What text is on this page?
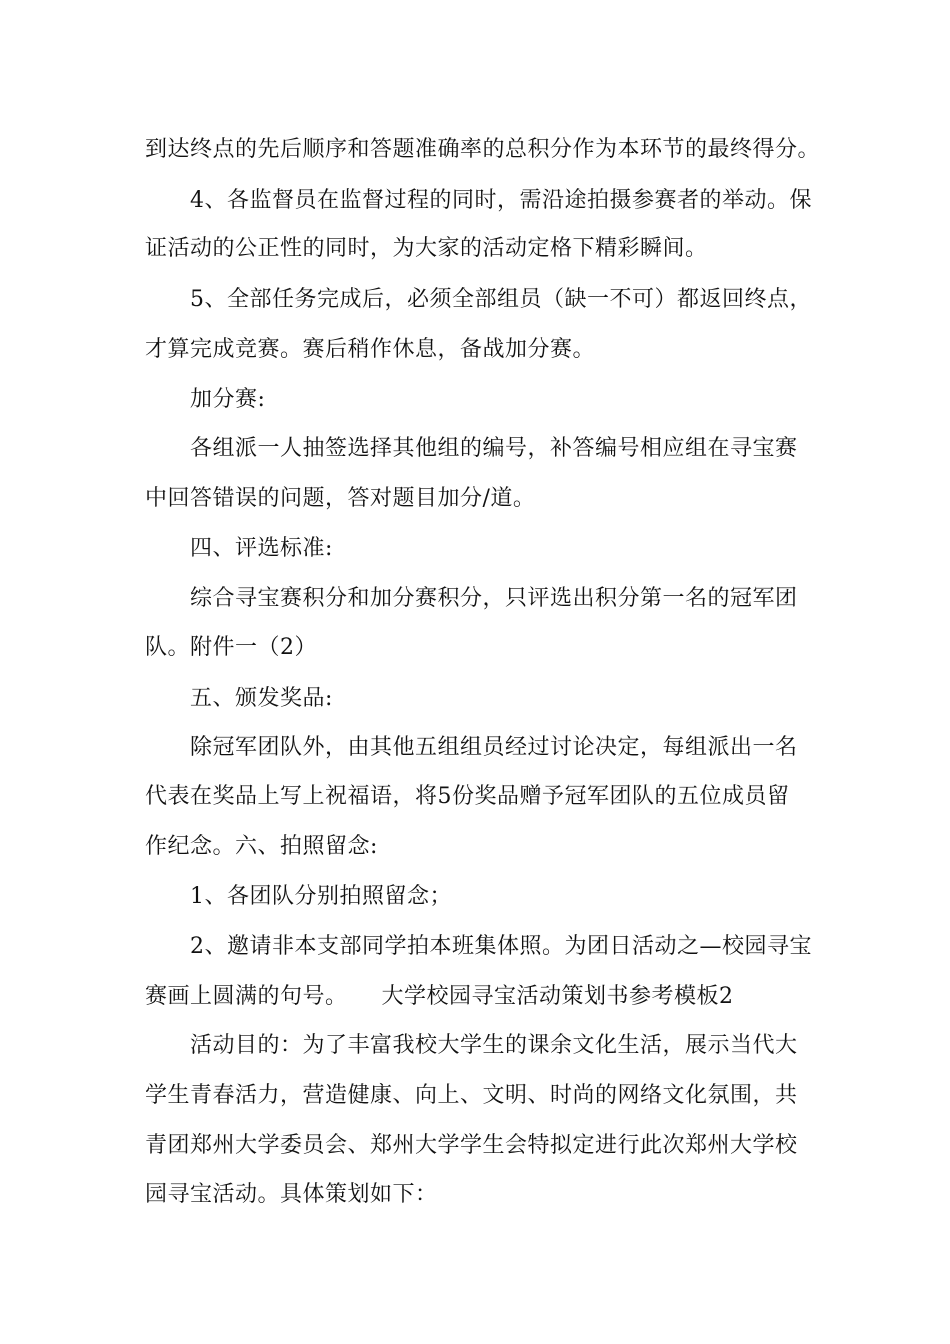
到达终点的先后顺序和答题准确率的总积分作为本环节的最终得分。
4、各监督员在监督过程的同时，需沿途拍摄参赛者的举动。保
证活动的公正性的同时，为大家的活动定格下精彩瞬间。
5、全部任务完成后，必须全部组员（缺一不可）都返回终点，
才算完成竞赛。赛后稍作休息，备战加分赛。
加分赛:
各组派一人抽签选择其他组的编号，补答编号相应组在寻宝赛
中回答错误的问题，答对题目加分/道。
四、评选标准:
综合寻宝赛积分和加分赛积分，只评选出积分第一名的冠军团
队。附件一（2）
五、颁发奖品:
除冠军团队外，由其他五组组员经过讨论决定，每组派出一名
代表在奖品上写上祝福语，将5份奖品赠予冠军团队的五位成员留
作纪念。六、拍照留念:
1、各团队分别拍照留念；
2、邀请非本支部同学拍本班集体照。为团日活动之—校园寻宝
赛画上圆满的句号。　　大学校园寻宝活动策划书参考模板2
活动目的：为了丰富我校大学生的课余文化生活，展示当代大
学生青春活力，营造健康、向上、文明、时尚的网络文化氛围，共
青团郑州大学委员会、郑州大学学生会特拟定进行此次郑州大学校
园寻宝活动。具体策划如下：
